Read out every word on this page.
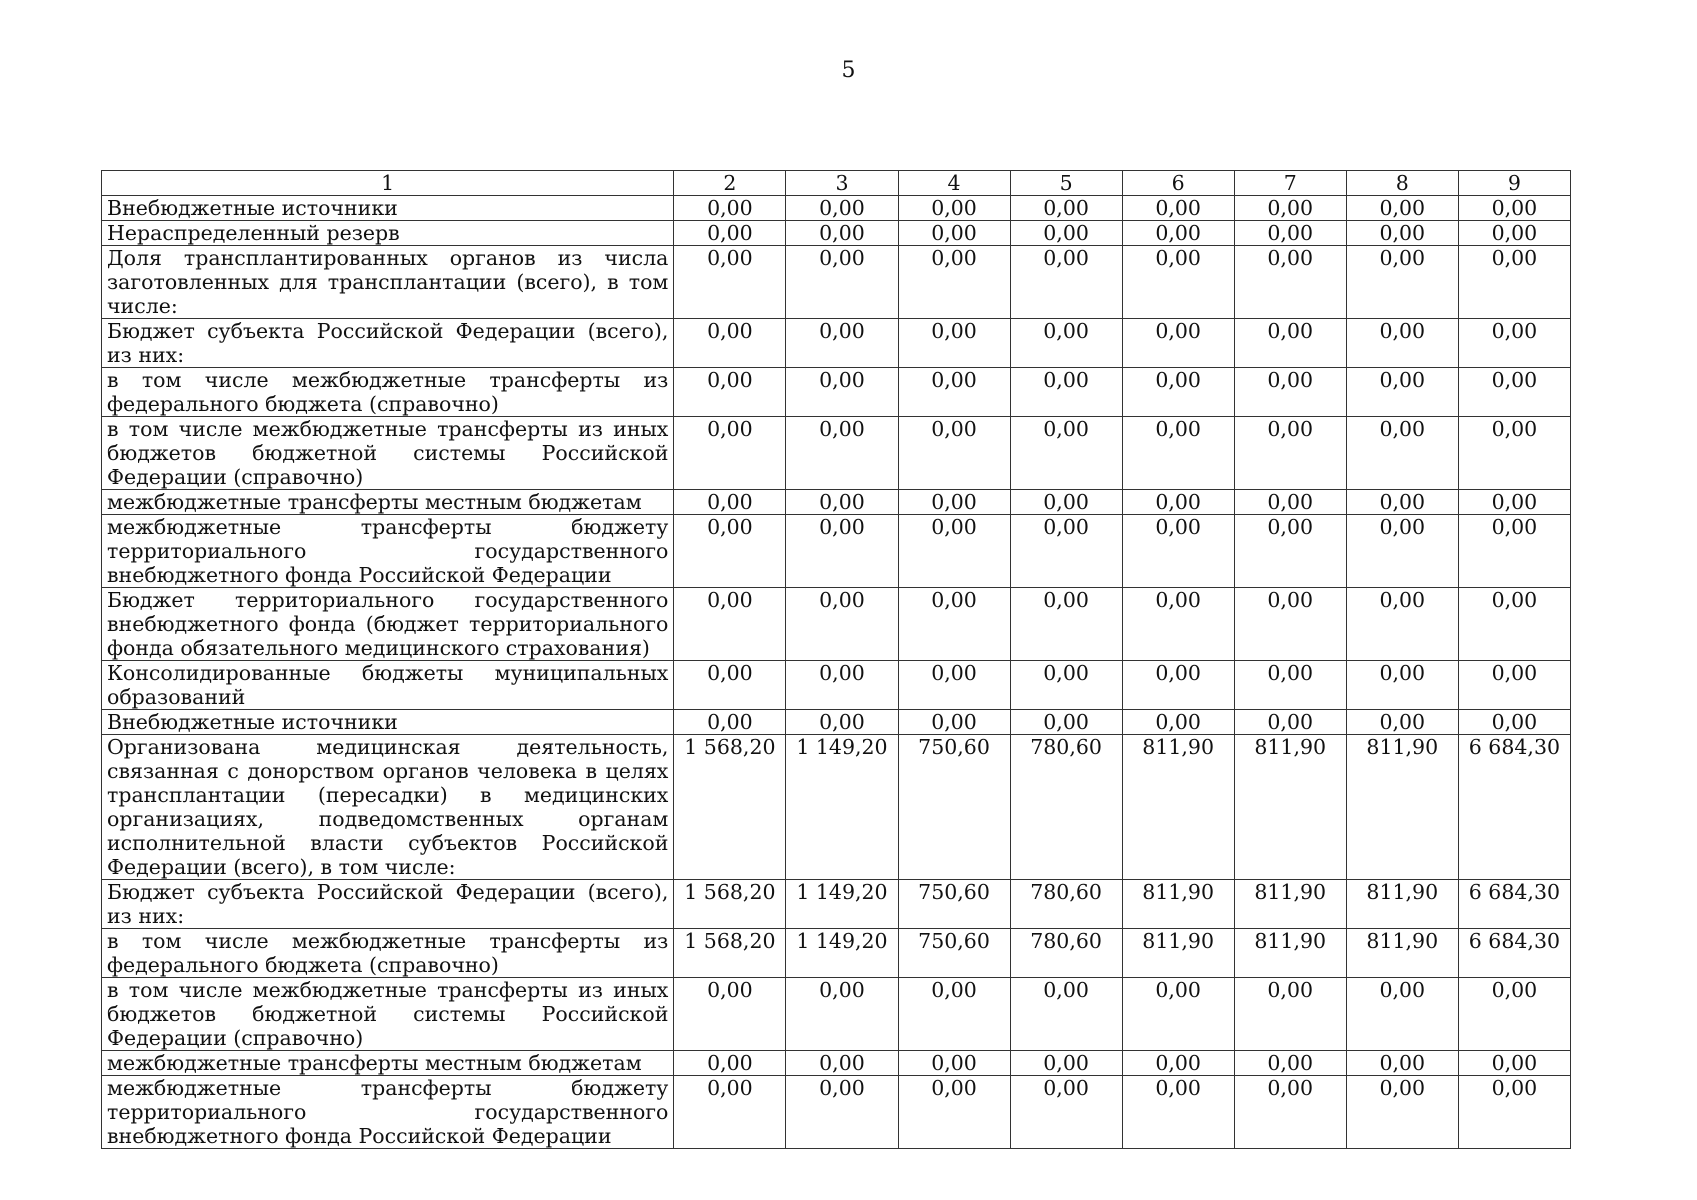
5
1	2	3	4	5	6	7	8	9
Внебюджетные источники	0,00	0,00	0,00	0,00	0,00	0,00	0,00	0,00
Нераспределенный резерв	0,00	0,00	0,00	0,00	0,00	0,00	0,00	0,00
Доля трансплантированных органов из числа заготовленных для трансплантации (всего), в том числе:	0,00	0,00	0,00	0,00	0,00	0,00	0,00	0,00
Бюджет субъекта Российской Федерации (всего), из них:	0,00	0,00	0,00	0,00	0,00	0,00	0,00	0,00
в том числе межбюджетные трансферты из федерального бюджета (справочно)	0,00	0,00	0,00	0,00	0,00	0,00	0,00	0,00
в том числе межбюджетные трансферты из иных бюджетов бюджетной системы Российской Федерации (справочно)	0,00	0,00	0,00	0,00	0,00	0,00	0,00	0,00
межбюджетные трансферты местным бюджетам	0,00	0,00	0,00	0,00	0,00	0,00	0,00	0,00
межбюджетные трансферты бюджету территориального государственного внебюджетного фонда Российской Федерации	0,00	0,00	0,00	0,00	0,00	0,00	0,00	0,00
Бюджет территориального государственного внебюджетного фонда (бюджет территориального фонда обязательного медицинского страхования)	0,00	0,00	0,00	0,00	0,00	0,00	0,00	0,00
Консолидированные бюджеты муниципальных образований	0,00	0,00	0,00	0,00	0,00	0,00	0,00	0,00
Внебюджетные источники	0,00	0,00	0,00	0,00	0,00	0,00	0,00	0,00
Организована медицинская деятельность, связанная с донорством органов человека в целях трансплантации (пересадки) в медицинских организациях, подведомственных органам исполнительной власти субъектов Российской Федерации (всего), в том числе:	1 568,20	1 149,20	750,60	780,60	811,90	811,90	811,90	6 684,30
Бюджет субъекта Российской Федерации (всего), из них:	1 568,20	1 149,20	750,60	780,60	811,90	811,90	811,90	6 684,30
в том числе межбюджетные трансферты из федерального бюджета (справочно)	1 568,20	1 149,20	750,60	780,60	811,90	811,90	811,90	6 684,30
в том числе межбюджетные трансферты из иных бюджетов бюджетной системы Российской Федерации (справочно)	0,00	0,00	0,00	0,00	0,00	0,00	0,00	0,00
межбюджетные трансферты местным бюджетам	0,00	0,00	0,00	0,00	0,00	0,00	0,00	0,00
межбюджетные трансферты бюджету территориального государственного внебюджетного фонда Российской Федерации	0,00	0,00	0,00	0,00	0,00	0,00	0,00	0,00
